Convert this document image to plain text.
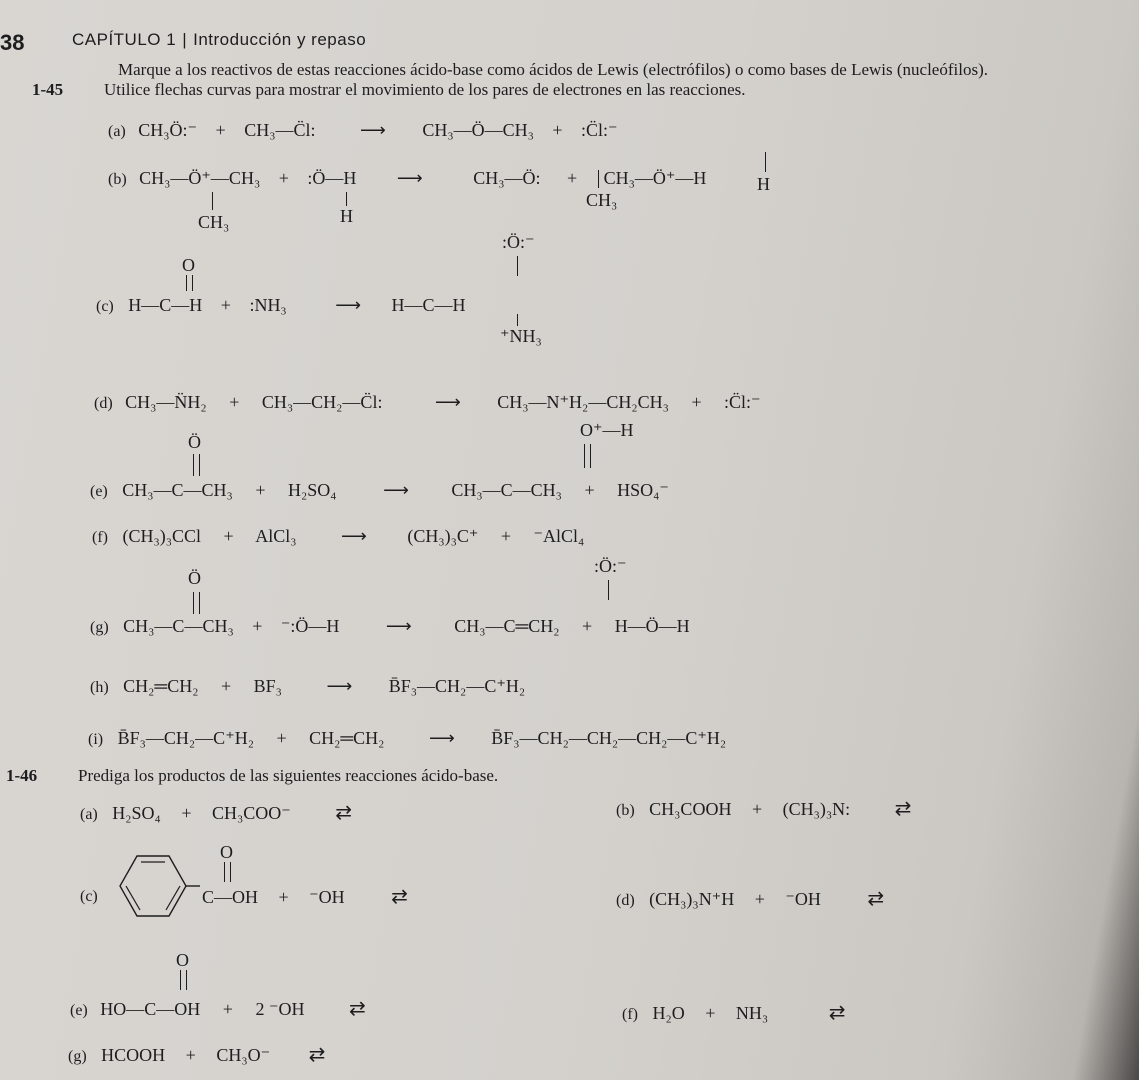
38	CAPÍTULO 1 | Introducción y repaso
1-45
Marque a los reactivos de estas reacciones ácido-base como ácidos de Lewis (electrófilos) o como bases de Lewis (nucleófilos).
Utilice flechas curvas para mostrar el movimiento de los pares de electrones en las reacciones.
(a) CH₃Ö:⁻ + CH₃—C̈l: ⟶ CH₃—Ö—CH₃ + :C̈l:⁻
(b) CH₃—Ö⁺—CH₃ + :Ö—H ⟶	CH₃—Ö: + CH₃—Ö⁺—H
CH₃	H
CH₃
H
O
(c) H—C—H + :NH₃	⟶ H—C—H
:Ö:⁻
⁺NH₃
(d) CH₃—N̈H₂ + CH₃—CH₂—C̈l:	⟶ CH₃—N⁺H₂—CH₂CH₃ + :C̈l:⁻
Ö
(e) CH₃—C—CH₃ + H₂SO₄	⟶ CH₃—C—CH₃ + HSO₄⁻
O⁺—H
(f) (CH₃)₃CCl + AlCl₃ ⟶ (CH₃)₃C⁺ + ⁻AlCl₄
Ö
(g) CH₃—C—CH₃ + ⁻:Ö—H	⟶ CH₃—C═CH₂ + H—Ö—H
:Ö:⁻
(h) CH₂═CH₂ + BF₃ ⟶ B̄F₃—CH₂—C⁺H₂
(i) B̄F₃—CH₂—C⁺H₂ + CH₂═CH₂ ⟶ B̄F₃—CH₂—CH₂—CH₂—C⁺H₂
1-46 Prediga los productos de las siguientes reacciones ácido-base.
(a) H₂SO₄ + CH₃COO⁻ ⇄	(b) CH₃COOH + (CH₃)₃N: ⇄
(c)
O
C—OH + ⁻OH ⇄	(d) (CH₃)₃N⁺H + ⁻OH ⇄
O
(e) HO—C—OH + 2 ⁻OH ⇄	(f) H₂O + NH₃	⇄
(g) HCOOH + CH₃O⁻ ⇄
